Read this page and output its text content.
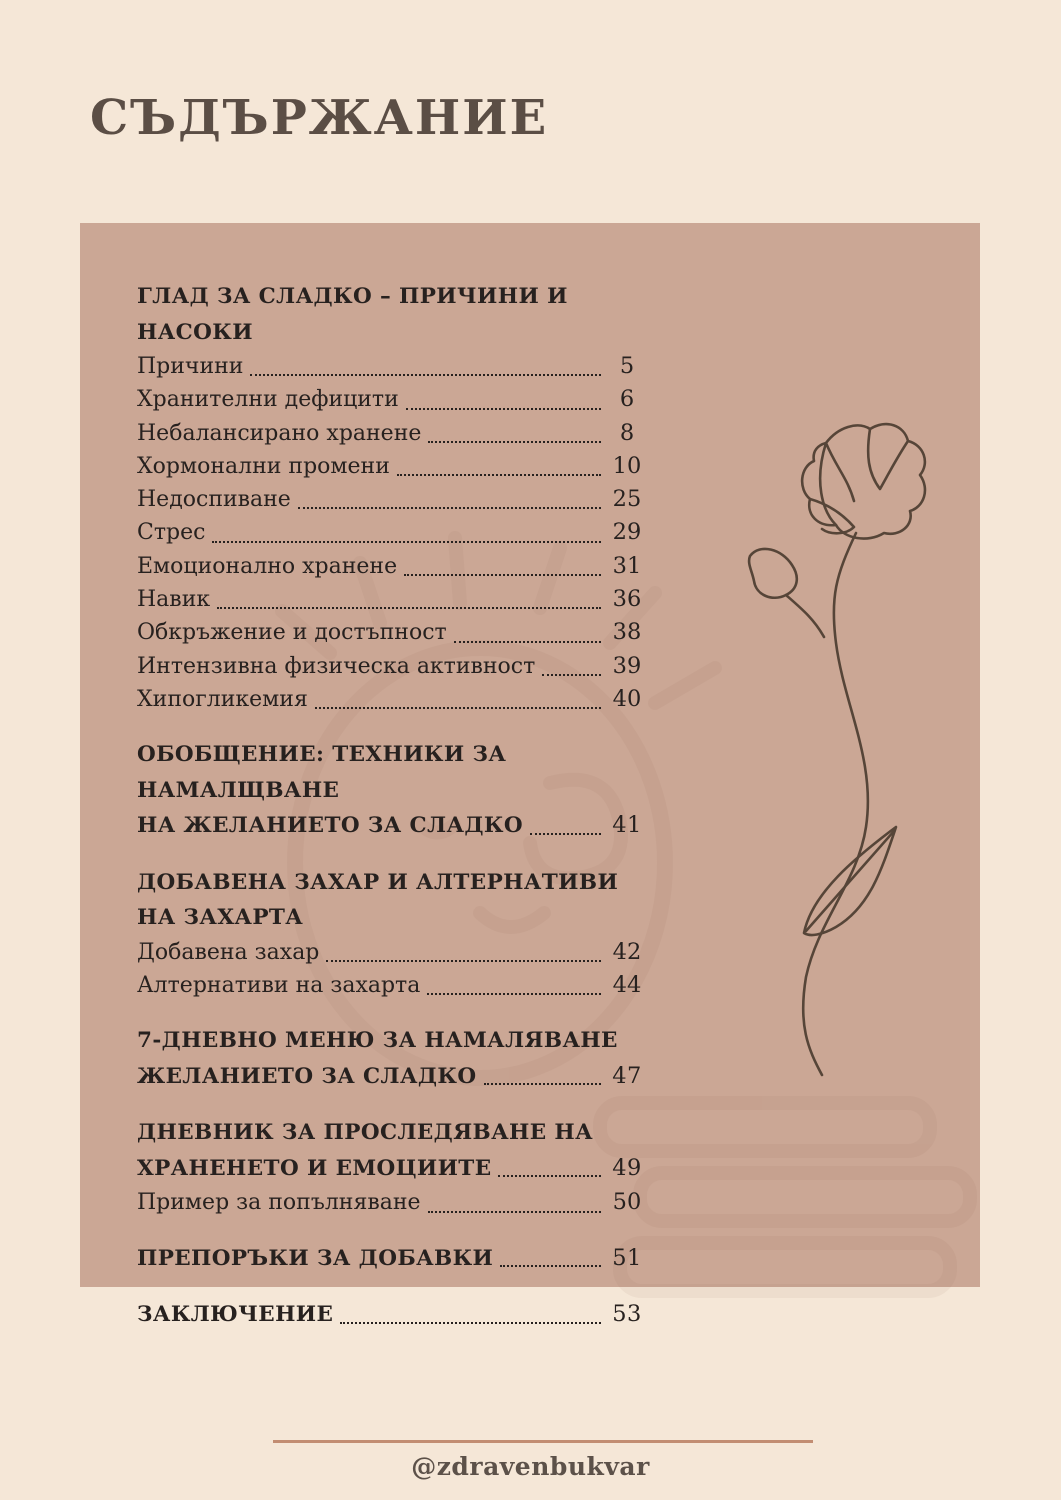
СЪДЪРЖАНИЕ
ГЛАД ЗА СЛАДКО – ПРИЧИНИ И НАСОКИ
Причини	5
Хранителни дефицити	6
Небалансирано хранене	8
Хормонални промени	10
Недоспиване	25
Стрес	29
Емоционално хранене	31
Навик	36
Обкръжение и достъпност	38
Интензивна физическа активност	39
Хипогликемия	40
ОБОБЩЕНИЕ: ТЕХНИКИ ЗА НАМАЛЩВАНЕ
НА ЖЕЛАНИЕТО ЗА СЛАДКО	41
ДОБАВЕНА ЗАХАР И АЛТЕРНАТИВИ НА ЗАХАРТА
Добавена захар	42
Алтернативи на захарта	44
7-ДНЕВНО МЕНЮ ЗА НАМАЛЯВАНЕ
ЖЕЛАНИЕТО ЗА СЛАДКО	47
ДНЕВНИК ЗА ПРОСЛЕДЯВАНЕ НА
ХРАНЕНЕТО И ЕМОЦИИТЕ	49
Пример за попълняване	50
ПРЕПОРЪКИ ЗА ДОБАВКИ	51
ЗАКЛЮЧЕНИЕ	53
@zdravenbukvar
